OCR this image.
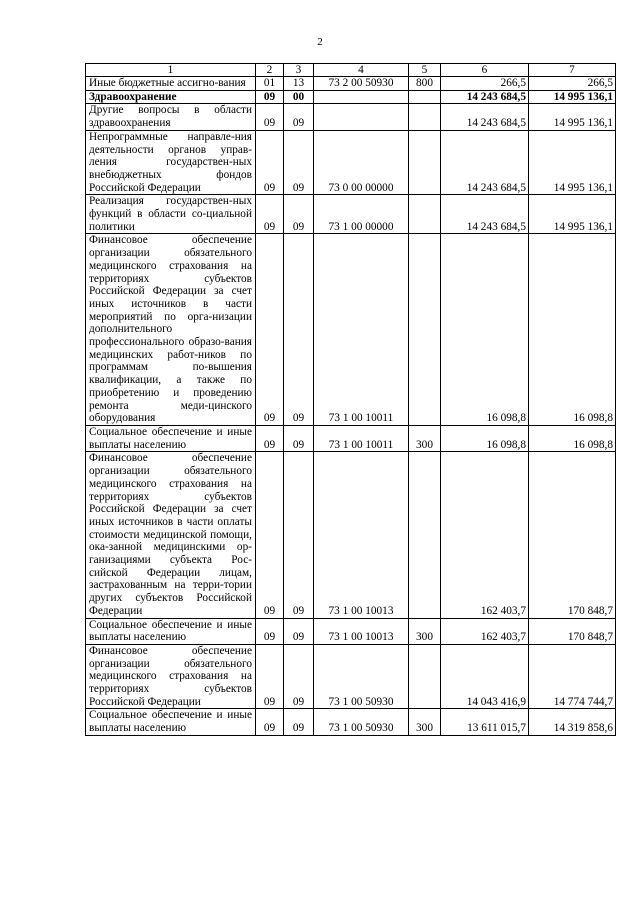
2
1	2	3	4	5	6	7
Иные бюджетные ассигно-вания	01	13	73 2 00 50930	800	266,5	266,5
Здравоохранение	09	00			14 243 684,5	14 995 136,1
Другие вопросы в области здравоохранения	09	09			14 243 684,5	14 995 136,1
Непрограммные направле-ния деятельности органов управ-ления государствен-ных внебюджетных фондов Российской Федерации	09	09	73 0 00 00000		14 243 684,5	14 995 136,1
Реализация государствен-ных функций в области со-циальной политики	09	09	73 1 00 00000		14 243 684,5	14 995 136,1
Финансовое обеспечение организации обязательного медицинского страхования на территориях субъектов Российской Федерации за счет иных источников в части мероприятий по орга-низации дополнительного профессионального образо-вания медицинских работ-ников по программам по-вышения квалификации, а также по приобретению и проведению ремонта меди-цинского оборудования	09	09	73 1 00 10011		16 098,8	16 098,8
Социальное обеспечение и иные выплаты населению	09	09	73 1 00 10011	300	16 098,8	16 098,8
Финансовое обеспечение организации обязательного медицинского страхования на территориях субъектов Российской Федерации за счет иных источников в части оплаты стоимости медицинской помощи, ока-занной медицинскими ор-ганизациями субъекта Рос-сийской Федерации лицам, застрахованным на терри-тории других субъектов Российской Федерации	09	09	73 1 00 10013		162 403,7	170 848,7
Социальное обеспечение и иные выплаты населению	09	09	73 1 00 10013	300	162 403,7	170 848,7
Финансовое обеспечение организации обязательного медицинского страхования на территориях субъектов Российской Федерации	09	09	73 1 00 50930		14 043 416,9	14 774 744,7
Социальное обеспечение и иные выплаты населению	09	09	73 1 00 50930	300	13 611 015,7	14 319 858,6
